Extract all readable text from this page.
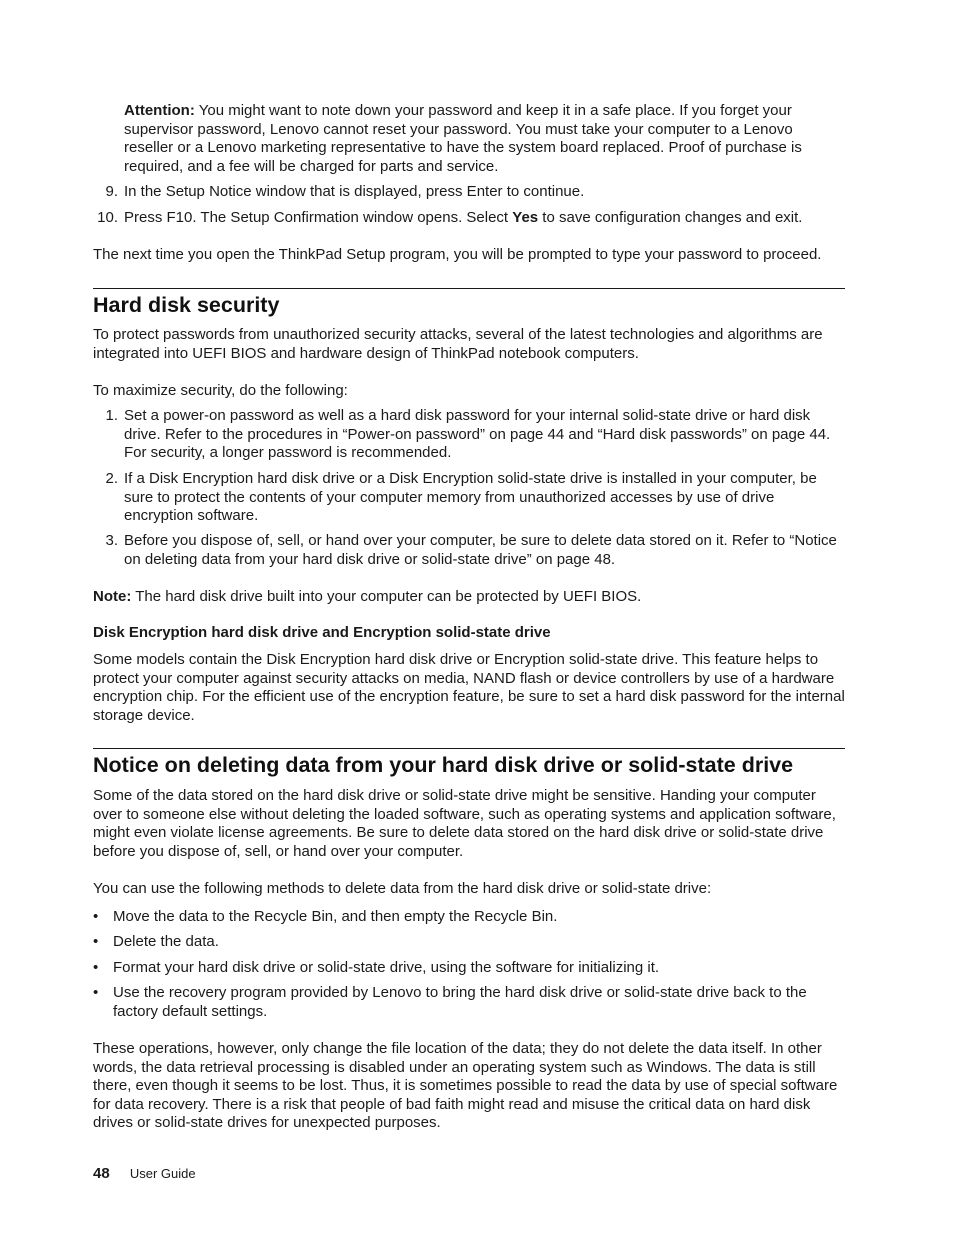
Attention: You might want to note down your password and keep it in a safe place. If you forget your supervisor password, Lenovo cannot reset your password. You must take your computer to a Lenovo reseller or a Lenovo marketing representative to have the system board replaced. Proof of purchase is required, and a fee will be charged for parts and service.

9. In the Setup Notice window that is displayed, press Enter to continue.
10. Press F10. The Setup Confirmation window opens. Select Yes to save configuration changes and exit.

The next time you open the ThinkPad Setup program, you will be prompted to type your password to proceed.

Hard disk security

To protect passwords from unauthorized security attacks, several of the latest technologies and algorithms are integrated into UEFI BIOS and hardware design of ThinkPad notebook computers.

To maximize security, do the following:

1. Set a power-on password as well as a hard disk password for your internal solid-state drive or hard disk drive. Refer to the procedures in “Power-on password” on page 44 and “Hard disk passwords” on page 44. For security, a longer password is recommended.
2. If a Disk Encryption hard disk drive or a Disk Encryption solid-state drive is installed in your computer, be sure to protect the contents of your computer memory from unauthorized accesses by use of drive encryption software.
3. Before you dispose of, sell, or hand over your computer, be sure to delete data stored on it. Refer to “Notice on deleting data from your hard disk drive or solid-state drive” on page 48.

Note: The hard disk drive built into your computer can be protected by UEFI BIOS.

Disk Encryption hard disk drive and Encryption solid-state drive

Some models contain the Disk Encryption hard disk drive or Encryption solid-state drive. This feature helps to protect your computer against security attacks on media, NAND flash or device controllers by use of a hardware encryption chip. For the efficient use of the encryption feature, be sure to set a hard disk password for the internal storage device.

Notice on deleting data from your hard disk drive or solid-state drive

Some of the data stored on the hard disk drive or solid-state drive might be sensitive. Handing your computer over to someone else without deleting the loaded software, such as operating systems and application software, might even violate license agreements. Be sure to delete data stored on the hard disk drive or solid-state drive before you dispose of, sell, or hand over your computer.

You can use the following methods to delete data from the hard disk drive or solid-state drive:

• Move the data to the Recycle Bin, and then empty the Recycle Bin.
• Delete the data.
• Format your hard disk drive or solid-state drive, using the software for initializing it.
• Use the recovery program provided by Lenovo to bring the hard disk drive or solid-state drive back to the factory default settings.

These operations, however, only change the file location of the data; they do not delete the data itself. In other words, the data retrieval processing is disabled under an operating system such as Windows. The data is still there, even though it seems to be lost. Thus, it is sometimes possible to read the data by use of special software for data recovery. There is a risk that people of bad faith might read and misuse the critical data on hard disk drives or solid-state drives for unexpected purposes.

48 User Guide
